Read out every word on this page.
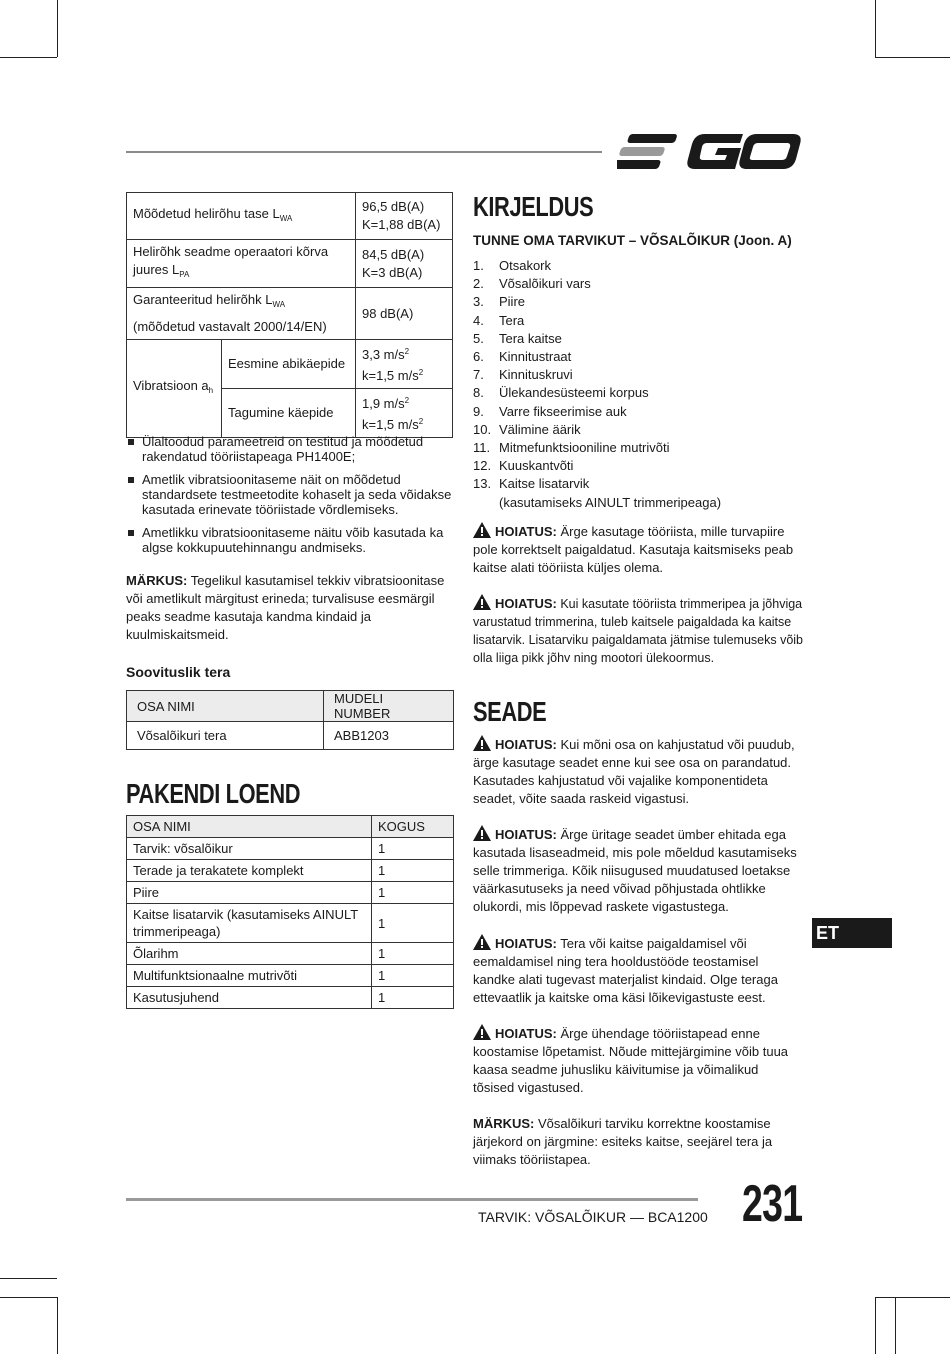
Mõõdetud helirõhu tase $L_{WA}$		96,5 dB(A)
K=1,88 dB(A)

Helirõhk seadme operaatori kõrva juures $L_{PA}$		84,5 dB(A)
K=3 dB(A)

Garanteeritud helirõhk $L_{WA}$
(mõõdetud vastavalt 2000/14/EN)		98 dB(A)

Vibratsioon $a_h$	Eesmine abikäepide	3,3 $m/s^2$
k=1,5 $m/s^2$

	Tagumine käepide	1,9 $m/s^2$
k=1,5 $m/s^2$
Ülaltoodud parameetreid on testitud ja mõõdetud rakendatud tööriistapeaga PH1400E;
Ametlik vibratsioonitaseme näit on mõõdetud standardsete testmeetodite kohaselt ja seda võidakse kasutada erinevate tööriistade võrdlemiseks.
Ametlikku vibratsioonitaseme näitu võib kasutada ka algse kokkupuutehinnangu andmiseks.
MÄRKUS: Tegelikul kasutamisel tekkiv vibratsioonitase või ametlikult märgitust erineda; turvalisuse eesmärgil peaks seadme kasutaja kandma kindaid ja kuulmiskaitsmeid.
Soovituslik tera
OSA NIMI	MUDELI NUMBER
Võsalõikuri tera	ABB1203
PAKENDI LOEND
OSA NIMI	KOGUS
Tarvik: võsalõikur	1
Terade ja terakatete komplekt	1
Piire	1
Kaitse lisatarvik (kasutamiseks AINULT trimmeripeaga)	1
Õlarihm	1
Multifunktsionaalne mutrivõti	1
Kasutusjuhend	1
KIRJELDUS
TUNNE OMA TARVIKUT – VÕSALÕIKUR (Joon. A)
1.	Otsakork
2.	Võsalõikuri vars
3.	Piire
4.	Tera
5.	Tera kaitse
6.	Kinnitustraat
7.	Kinnituskruvi
8.	Ülekandesüsteemi korpus
9.	Varre fikseerimise auk
10. Välimine äärik
11. Mitmefunktsiooniline mutrivõti
12. Kuuskantvõti
13. Kaitse lisatarvik
(kasutamiseks AINULT trimmeripeaga)
HOIATUS: Ärge kasutage tööriista, mille turvapiire pole korrektselt paigaldatud. Kasutaja kaitsmiseks peab kaitse alati tööriista küljes olema.
HOIATUS: Kui kasutate tööriista trimmeripea ja jõhviga varustatud trimmerina, tuleb kaitsele paigaldada ka kaitse lisatarvik. Lisatarviku paigaldamata jätmise tulemuseks võib olla liiga pikk jõhv ning mootori ülekoormus.
SEADE
HOIATUS: Kui mõni osa on kahjustatud või puudub, ärge kasutage seadet enne kui see osa on parandatud. Kasutades kahjustatud või vajalike komponentideta seadet, võite saada raskeid vigastusi.
HOIATUS: Ärge üritage seadet ümber ehitada ega kasutada lisaseadmeid, mis pole mõeldud kasutamiseks selle trimmeriga. Kõik niisugused muudatused loetakse väärkasutuseks ja need võivad põhjustada ohtlikke olukordi, mis lõppevad raskete vigastustega.
HOIATUS: Tera või kaitse paigaldamisel või eemaldamisel ning tera hooldustööde teostamisel kandke alati tugevast materjalist kindaid. Olge teraga ettevaatlik ja kaitske oma käsi lõikevigastuste eest.
HOIATUS: Ärge ühendage tööriistapead enne koostamise lõpetamist. Nõude mittejärgimine võib tuua kaasa seadme juhusliku käivitumise ja võimalikud tõsised vigastused.
MÄRKUS: Võsalõikuri tarviku korrektne koostamise järjekord on järgmine: esiteks kaitse, seejärel tera ja viimaks tööriistapea.
ET
TARVIK: VÕSALÕIKUR — BCA1200 231
